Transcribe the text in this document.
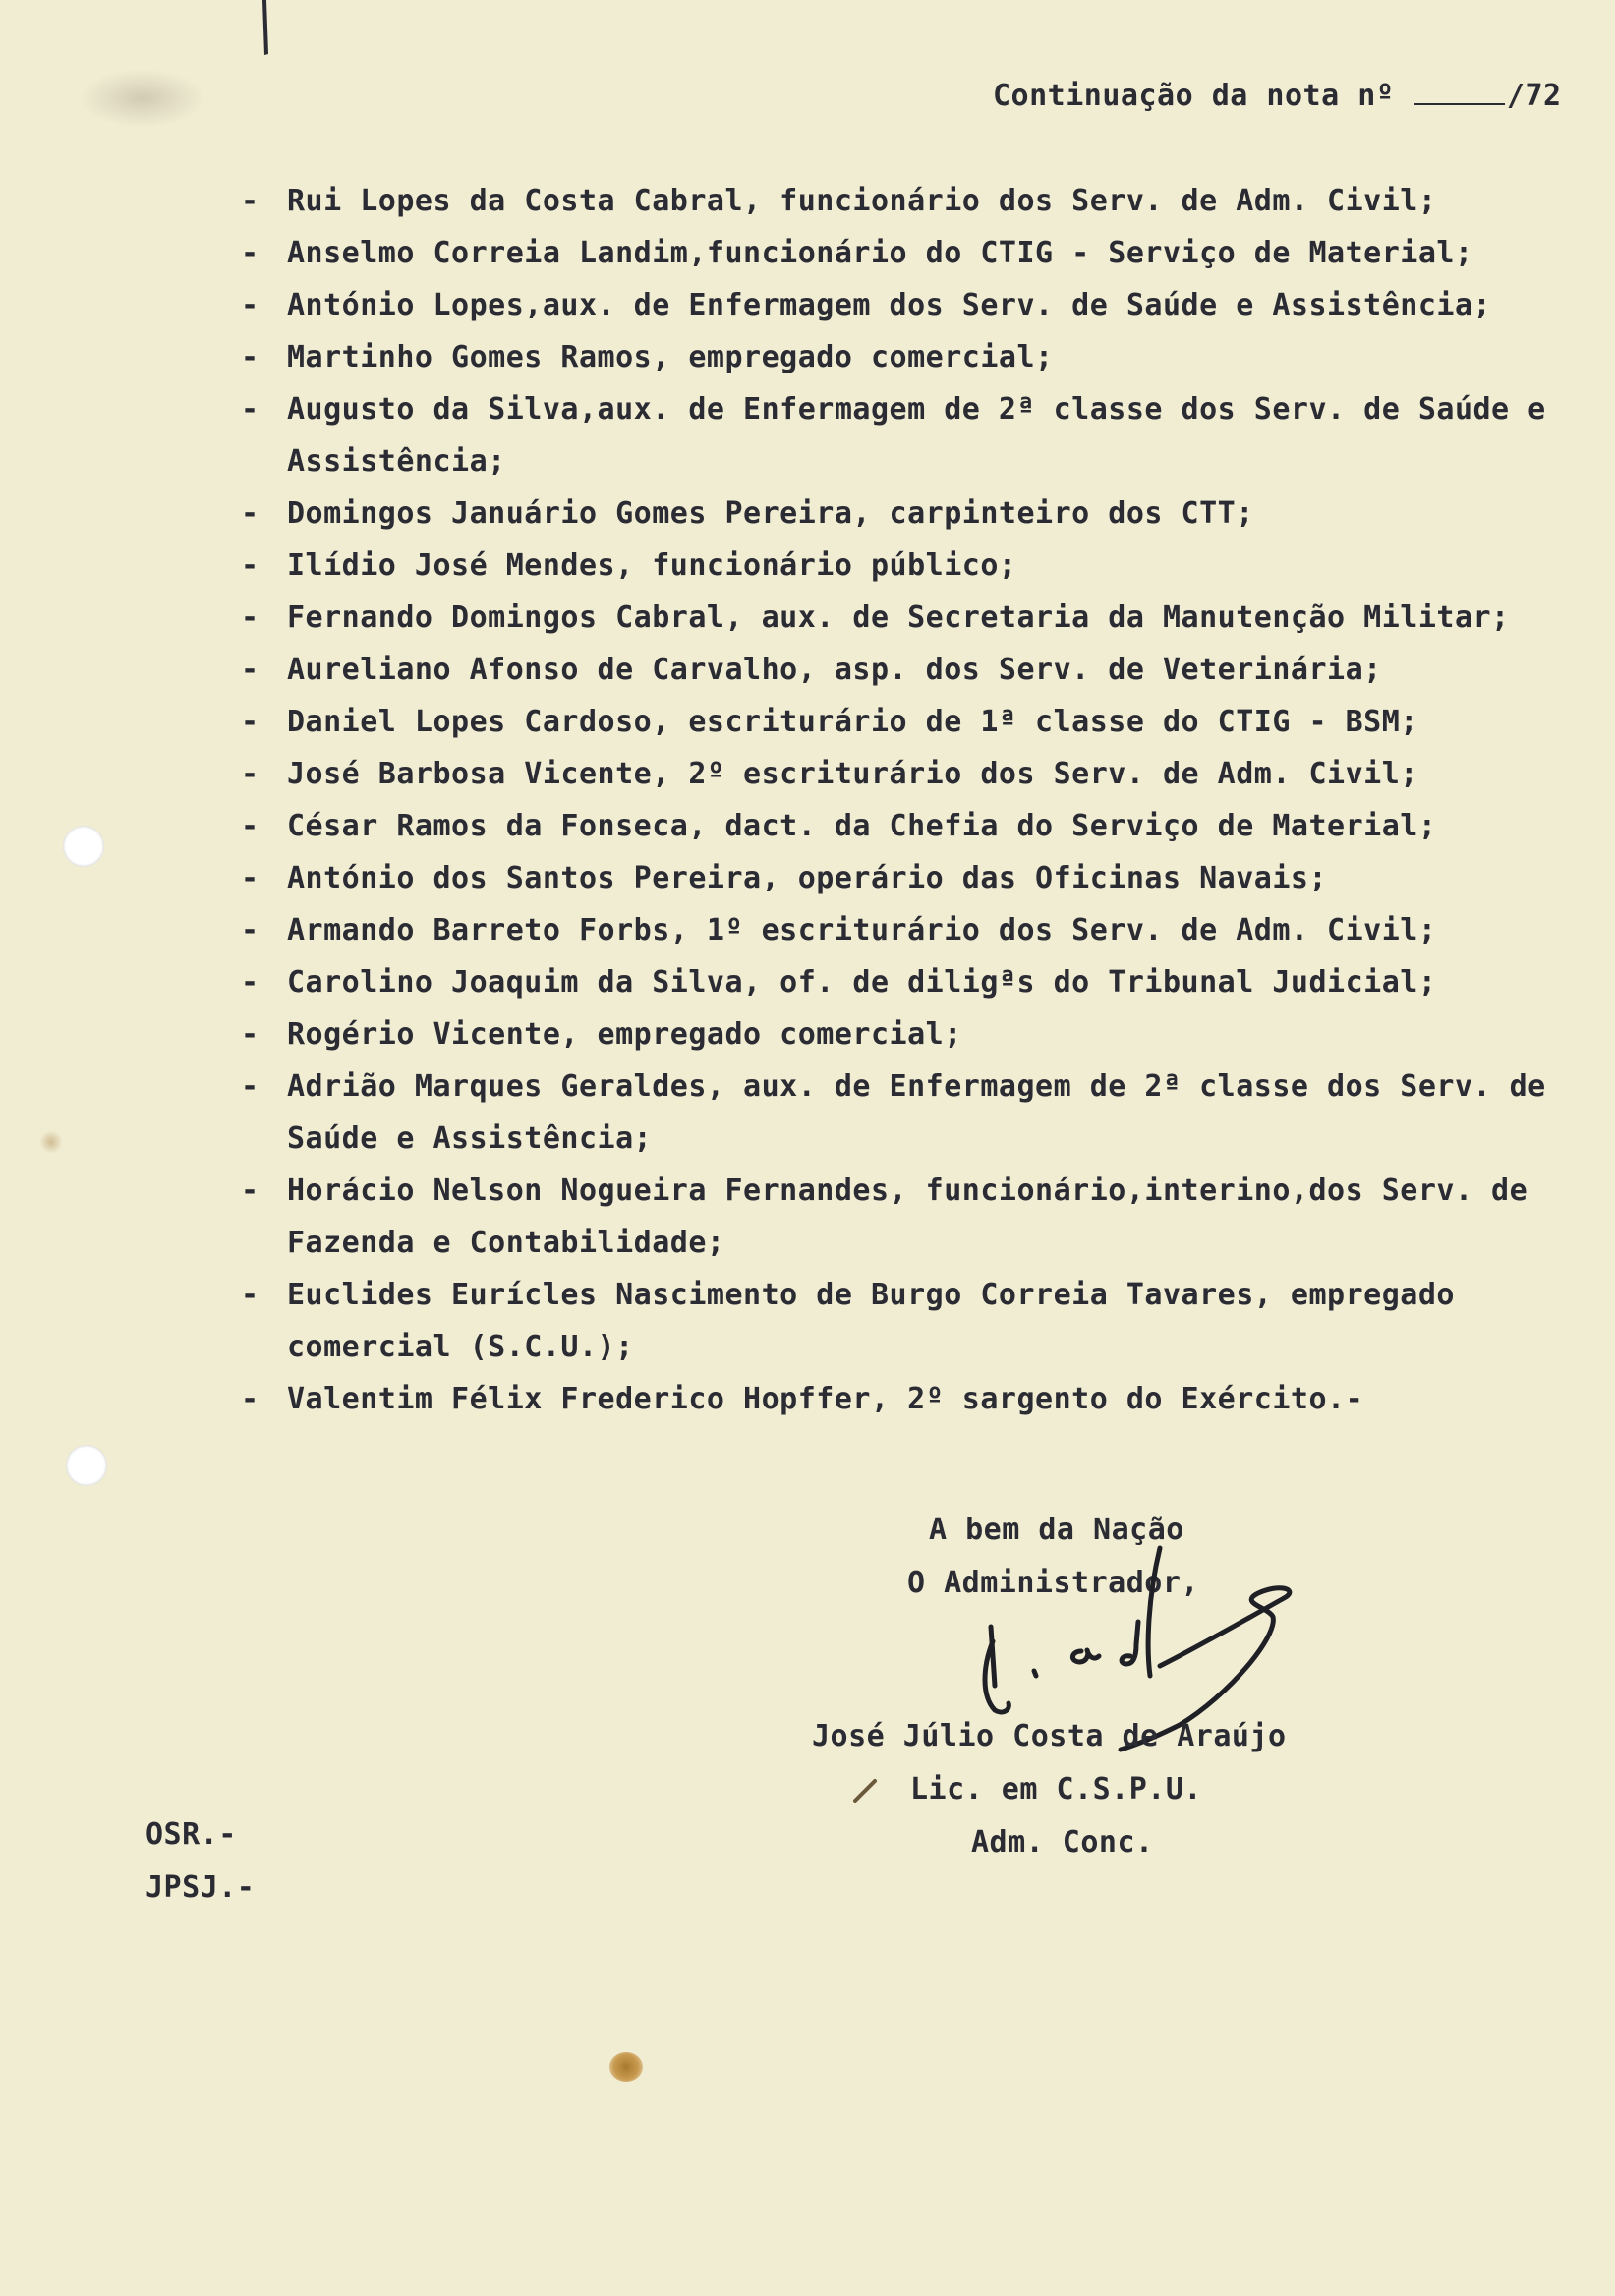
Continuação da nota nº	/72
- Rui Lopes da Costa Cabral, funcionário dos Serv. de Adm. Civil;
- Anselmo Correia Landim,funcionário do CTIG - Serviço de Material;
- António Lopes,aux. de Enfermagem dos Serv. de Saúde e Assistência;
- Martinho Gomes Ramos, empregado comercial;
- Augusto da Silva,aux. de Enfermagem de 2ª classe dos Serv. de Saúde e Assistência;
- Domingos Januário Gomes Pereira, carpinteiro dos CTT;
- Ilídio José Mendes, funcionário público;
- Fernando Domingos Cabral, aux. de Secretaria da Manutenção Militar;
- Aureliano Afonso de Carvalho, asp. dos Serv. de Veterinária;
- Daniel Lopes Cardoso, escriturário de 1ª classe do CTIG - BSM;
- José Barbosa Vicente, 2º escriturário dos Serv. de Adm. Civil;
- César Ramos da Fonseca, dact. da Chefia do Serviço de Material;
- António dos Santos Pereira, operário das Oficinas Navais;
- Armando Barreto Forbs, 1º escriturário dos Serv. de Adm. Civil;
- Carolino Joaquim da Silva, of. de diligªs do Tribunal Judicial;
- Rogério Vicente, empregado comercial;
- Adrião Marques Geraldes, aux. de Enfermagem de 2ª classe dos Serv. de Saúde e Assistência;
- Horácio Nelson Nogueira Fernandes, funcionário,interino,dos Serv. de Fazenda e Contabilidade;
- Euclides Eurícles Nascimento de Burgo Correia Tavares, empregado comercial (S.C.U.);
- Valentim Félix Frederico Hopffer, 2º sargento do Exército.-
A bem da Nação
O Administrador,
José Júlio Costa de Araújo
Lic. em C.S.P.U.
Adm. Conc.
OSR.-
JPSJ.-
